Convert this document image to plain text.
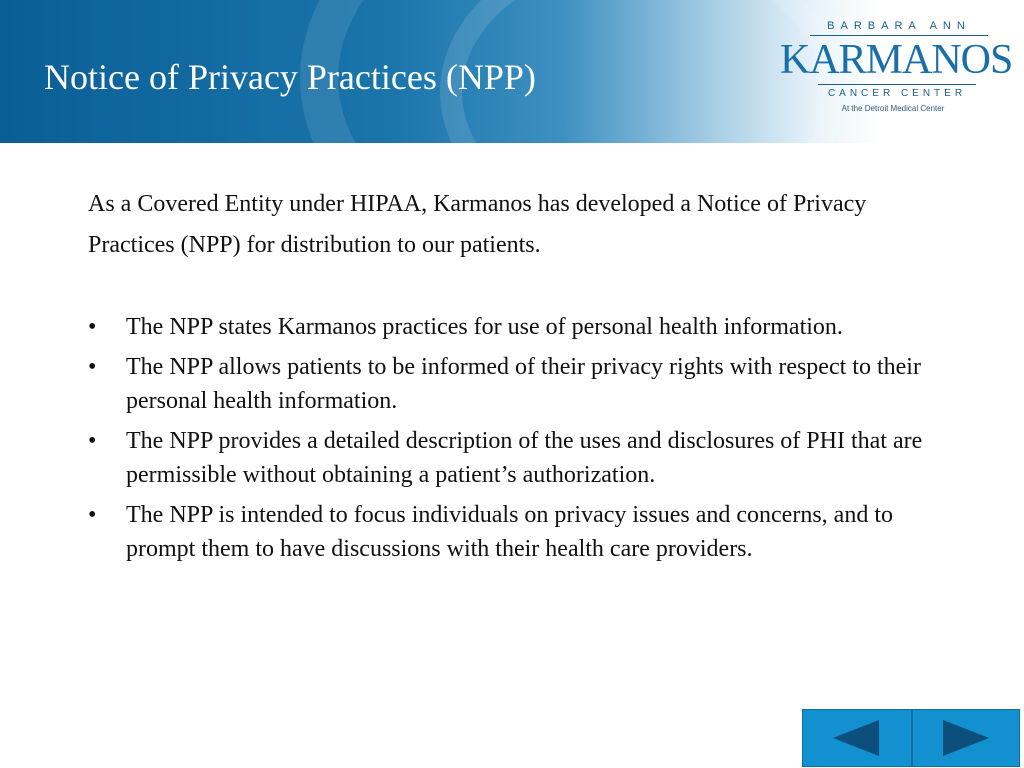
Notice of Privacy Practices (NPP)
BARBARA ANN
KARMANOS
CANCER CENTER
At the Detroit Medical Center
As a Covered Entity under HIPAA, Karmanos has developed a Notice of Privacy Practices (NPP) for distribution to our patients.
• The NPP states Karmanos practices for use of personal health information.
• The NPP allows patients to be informed of their privacy rights with respect to their personal health information.
• The NPP provides a detailed description of the uses and disclosures of PHI that are permissible without obtaining a patient’s authorization.
• The NPP is intended to focus individuals on privacy issues and concerns, and to prompt them to have discussions with their health care providers.
